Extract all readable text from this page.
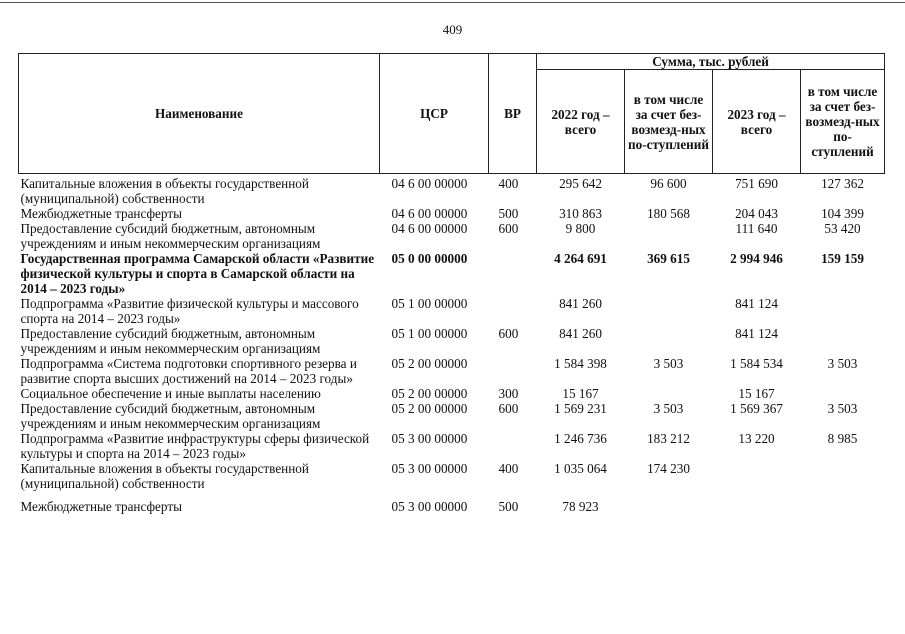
409
Наименование	ЦСР	ВР	Сумма, тыс. рублей			
			2022 год – всего	в том числе за счет без-возмезд-ных по-ступлений	2023 год – всего	в том числе за счет без-возмезд-ных по-ступлений
Капитальные вложения в объекты государственной (муниципальной) собственности	04 6 00 00000	400	295 642	96 600	751 690	127 362
Межбюджетные трансферты	04 6 00 00000	500	310 863	180 568	204 043	104 399
Предоставление субсидий бюджетным, автономным учреждениям и иным некоммерческим организациям	04 6 00 00000	600	9 800		111 640	53 420
Государственная программа Самарской области «Развитие физической культуры и спорта в Самарской области на 2014 – 2023 годы»	05 0 00 00000		4 264 691	369 615	2 994 946	159 159
Подпрограмма «Развитие физической культуры и массового спорта на 2014 – 2023 годы»	05 1 00 00000		841 260		841 124	
Предоставление субсидий бюджетным, автономным учреждениям и иным некоммерческим организациям	05 1 00 00000	600	841 260		841 124	
Подпрограмма «Система подготовки спортивного резерва и развитие спорта высших достижений на 2014 – 2023 годы»	05 2 00 00000		1 584 398	3 503	1 584 534	3 503
Социальное обеспечение и иные выплаты населению	05 2 00 00000	300	15 167		15 167	
Предоставление субсидий бюджетным, автономным учреждениям и иным некоммерческим организациям	05 2 00 00000	600	1 569 231	3 503	1 569 367	3 503
Подпрограмма «Развитие инфраструктуры сферы физической культуры и спорта на 2014 – 2023 годы»	05 3 00 00000		1 246 736	183 212	13 220	8 985
Капитальные вложения в объекты государственной (муниципальной) собственности	05 3 00 00000	400	1 035 064	174 230		
Межбюджетные трансферты	05 3 00 00000	500	78 923			
